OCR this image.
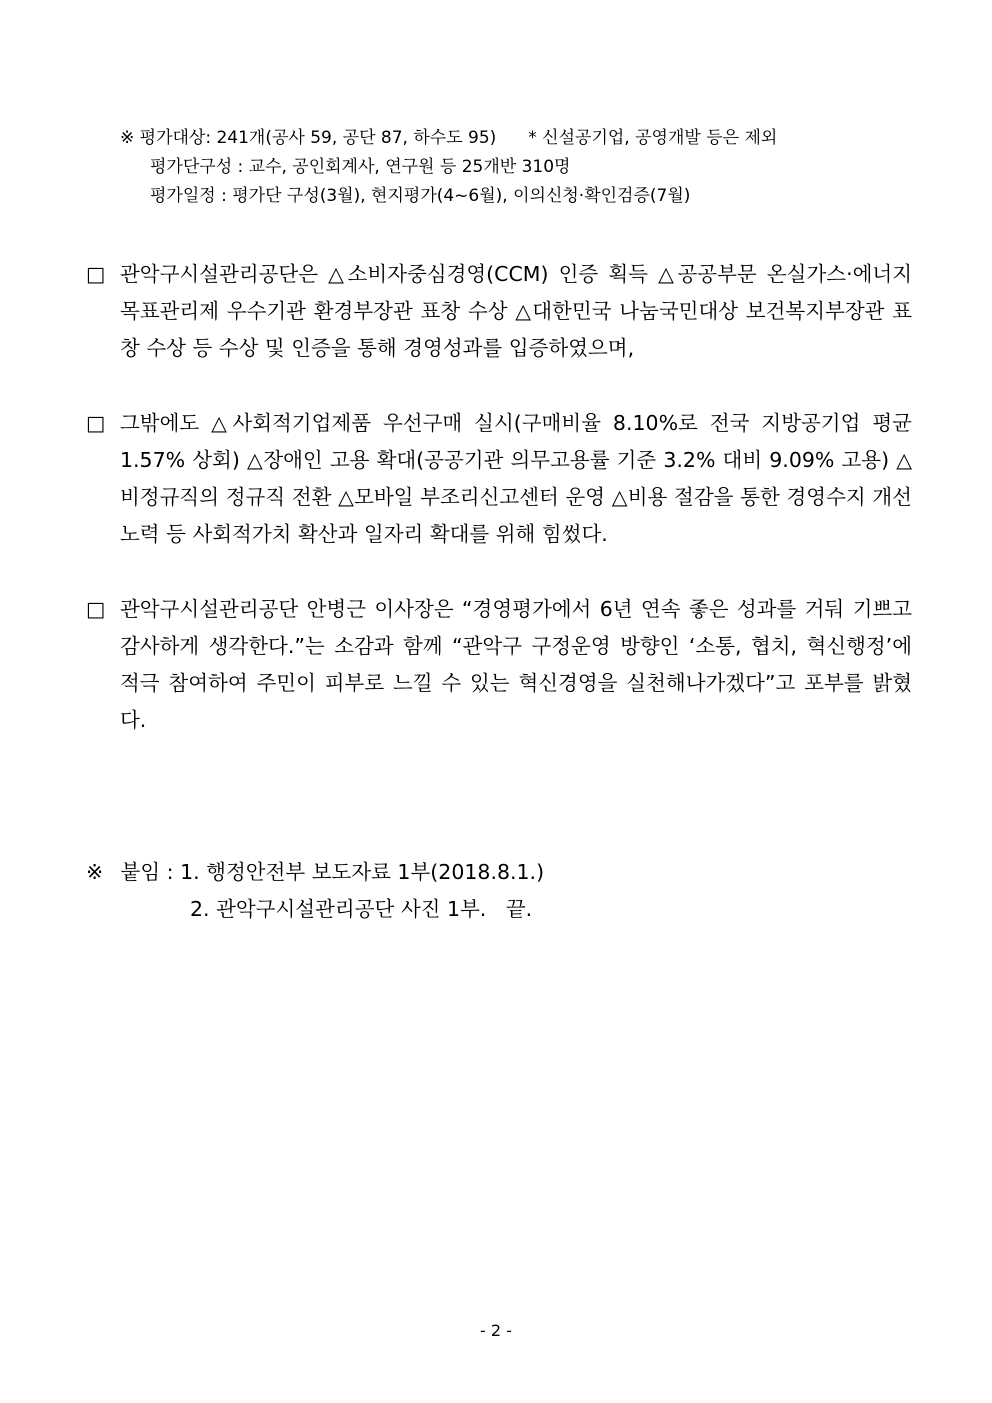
※ 평가대상: 241개(공사 59, 공단 87, 하수도 95) * 신설공기업, 공영개발 등은 제외
평가단구성 : 교수, 공인회계사, 연구원 등 25개반 310명
평가일정 : 평가단 구성(3월), 현지평가(4~6월), 이의신청·확인검증(7월)
□ 관악구시설관리공단은 △소비자중심경영(CCM) 인증 획득 △공공부문 온실가스·에너지 목표관리제 우수기관 환경부장관 표창 수상 △대한민국 나눔국민대상 보건복지부장관 표창 수상 등 수상 및 인증을 통해 경영성과를 입증하였으며,
□ 그밖에도 △사회적기업제품 우선구매 실시(구매비율 8.10%로 전국 지방공기업 평균 1.57% 상회) △장애인 고용 확대(공공기관 의무고용률 기준 3.2% 대비 9.09% 고용) △비정규직의 정규직 전환 △모바일 부조리신고센터 운영 △비용 절감을 통한 경영수지 개선노력 등 사회적가치 확산과 일자리 확대를 위해 힘썼다.
□ 관악구시설관리공단 안병근 이사장은 “경영평가에서 6년 연속 좋은 성과를 거둬 기쁘고 감사하게 생각한다.”는 소감과 함께 “관악구 구정운영 방향인 ‘소통, 협치, 혁신행정’에 적극 참여하여 주민이 피부로 느낄 수 있는 혁신경영을 실천해나가겠다”고 포부를 밝혔다.
※ 붙임 : 1. 행정안전부 보도자료 1부(2018.8.1.)
2. 관악구시설관리공단 사진 1부.   끝.
- 2 -
